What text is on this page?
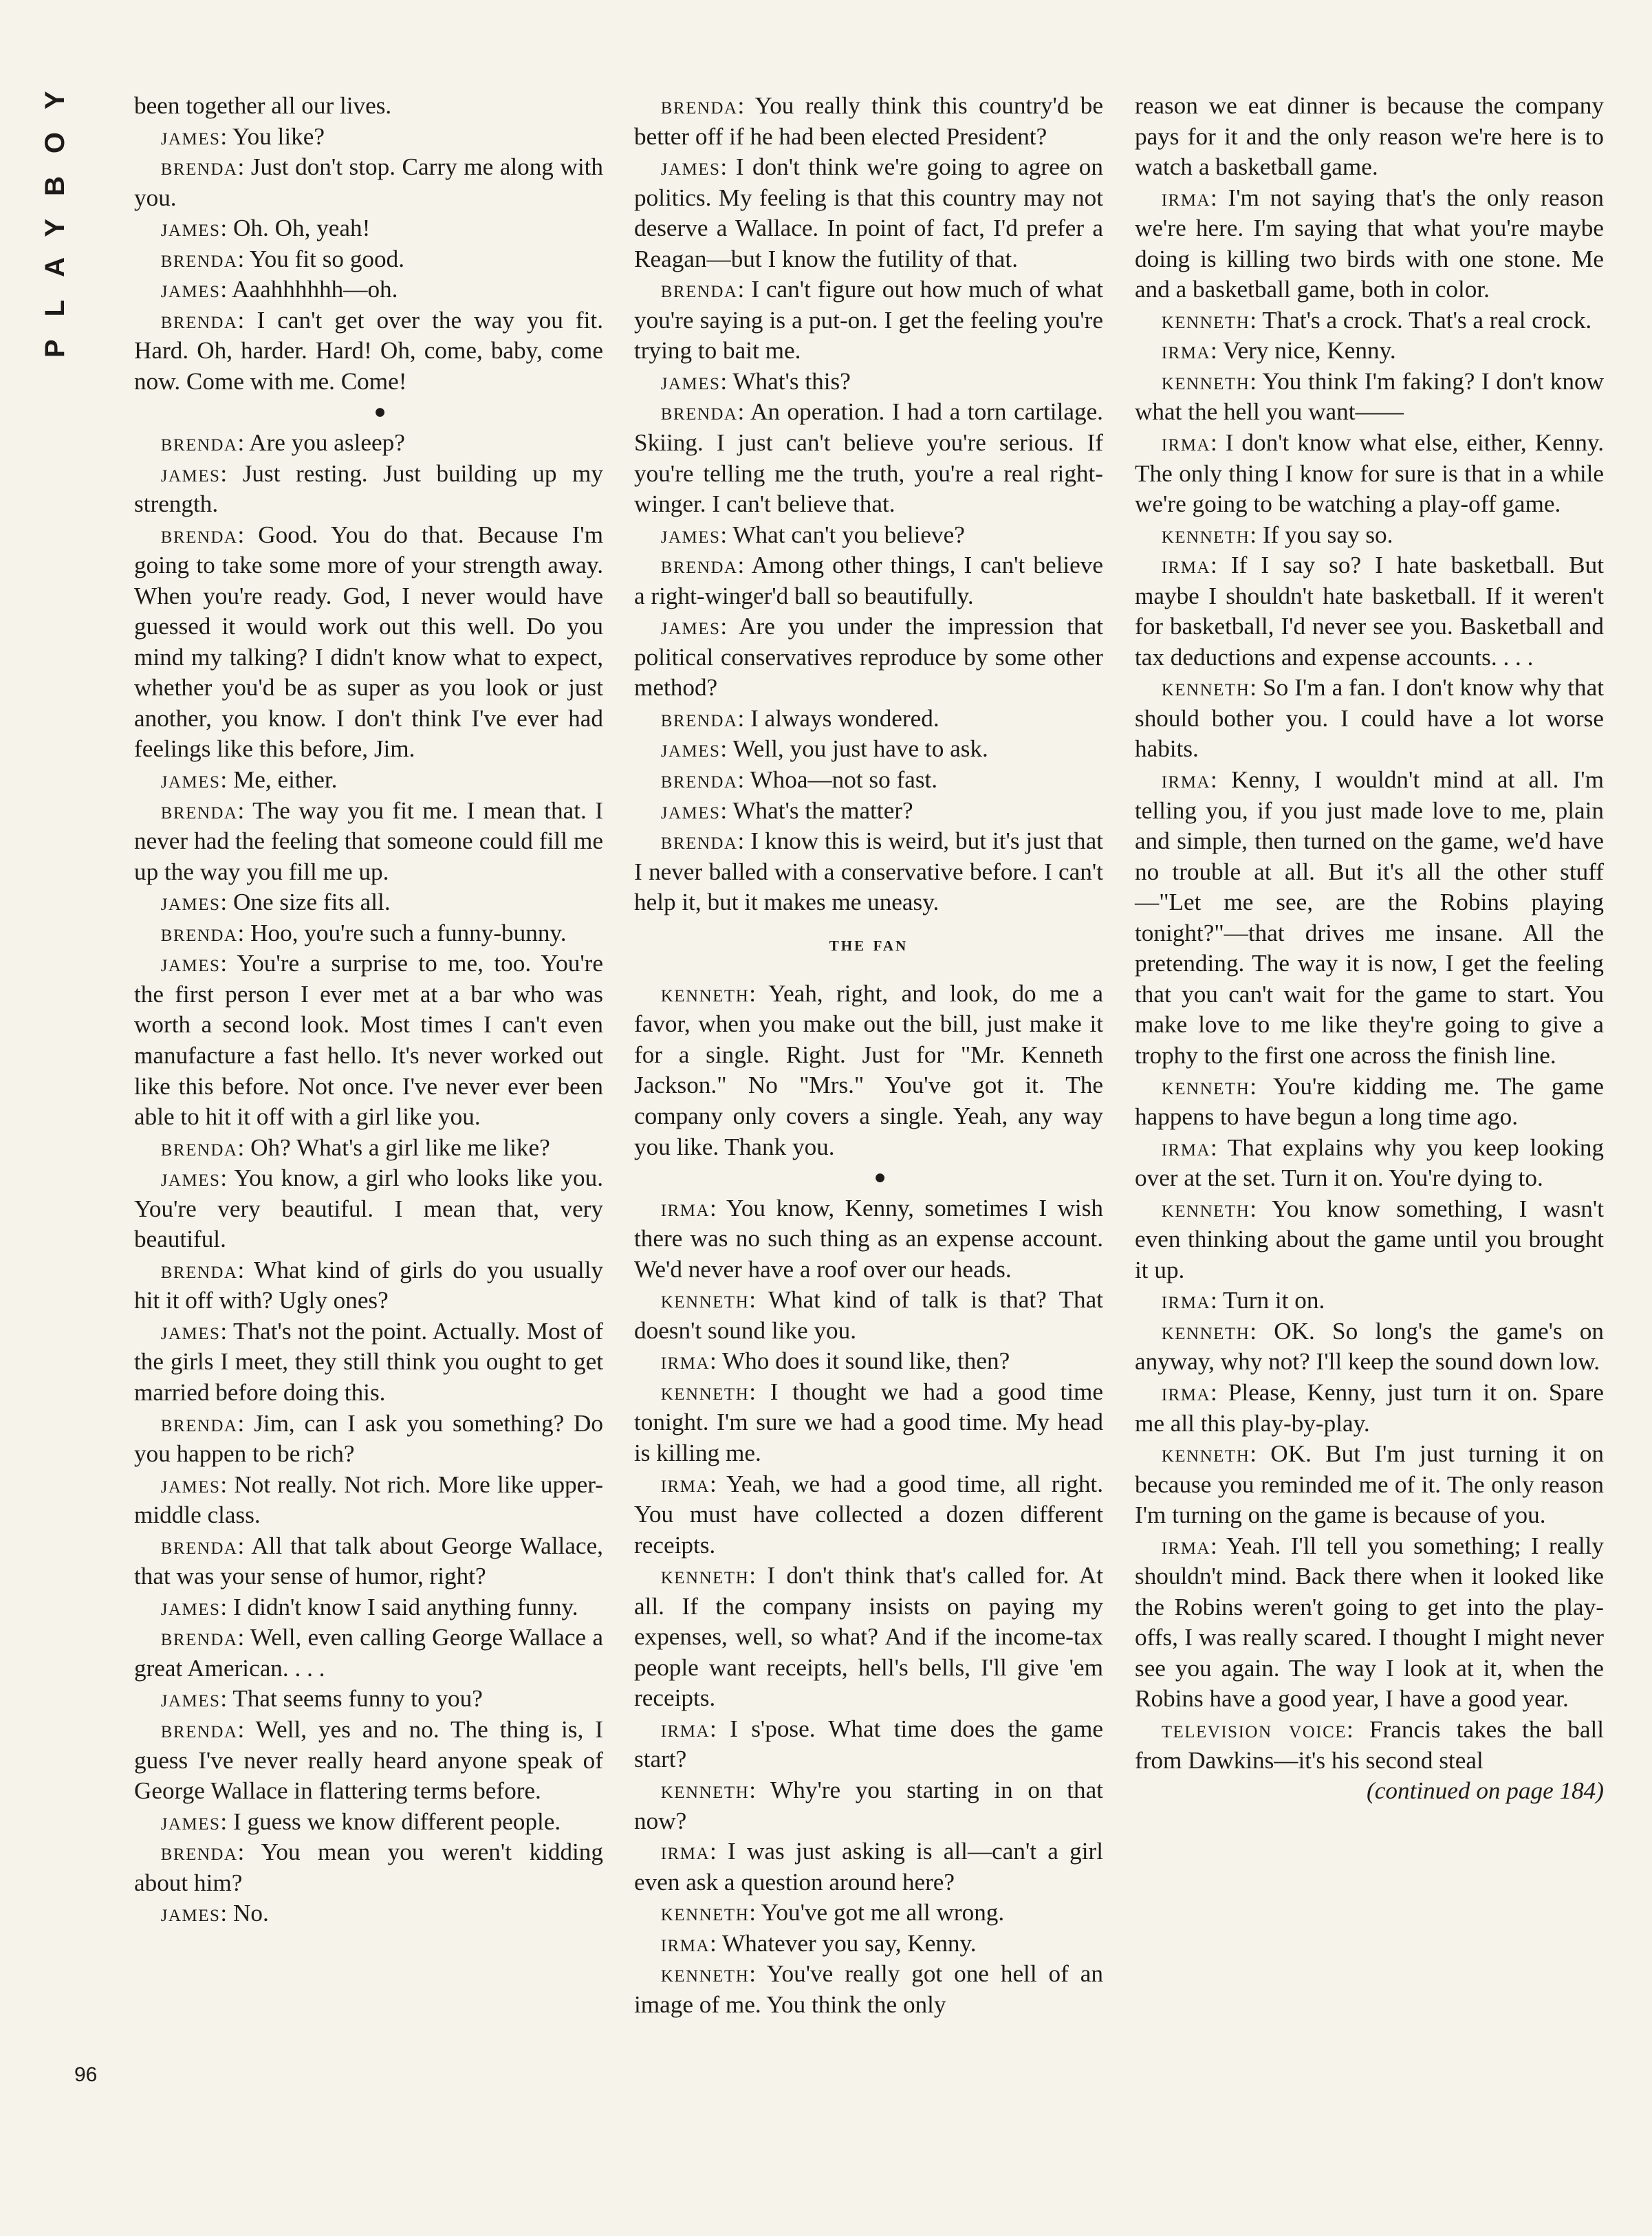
PLAYBOY	been together all our lives.

james: You like?

brenda: Just don't stop. Carry me along with you.

james: Oh. Oh, yeah!

brenda: You fit so good.

james: Aaahhhhhh—oh.

brenda: I can't get over the way you fit. Hard. Oh, harder. Hard! Oh, come, baby, come now. Come with me. Come!

●

brenda: Are you asleep?

james: Just resting. Just building up my strength.

brenda: Good. You do that. Because I'm going to take some more of your strength away. When you're ready. God, I never would have guessed it would work out this well. Do you mind my talking? I didn't know what to expect, whether you'd be as super as you look or just another, you know. I don't think I've ever had feelings like this before, Jim.

james: Me, either.

brenda: The way you fit me. I mean that. I never had the feeling that someone could fill me up the way you fill me up.

james: One size fits all.

brenda: Hoo, you're such a funny-bunny.

james: You're a surprise to me, too. You're the first person I ever met at a bar who was worth a second look. Most times I can't even manufacture a fast hello. It's never worked out like this before. Not once. I've never ever been able to hit it off with a girl like you.

brenda: Oh? What's a girl like me like?

james: You know, a girl who looks like you. You're very beautiful. I mean that, very beautiful.

brenda: What kind of girls do you usually hit it off with? Ugly ones?

james: That's not the point. Actually. Most of the girls I meet, they still think you ought to get married before doing this.

brenda: Jim, can I ask you something? Do you happen to be rich?

james: Not really. Not rich. More like upper-middle class.

brenda: All that talk about George Wallace, that was your sense of humor, right?

james: I didn't know I said anything funny.

brenda: Well, even calling George Wallace a great American. . . .

james: That seems funny to you?

brenda: Well, yes and no. The thing is, I guess I've never really heard anyone speak of George Wallace in flattering terms before.

james: I guess we know different people.

brenda: You mean you weren't kidding about him?

james: No.

brenda: You really think this country'd be better off if he had been elected President?

james: I don't think we're going to agree on politics. My feeling is that this country may not deserve a Wallace. In point of fact, I'd prefer a Reagan—but I know the futility of that.

brenda: I can't figure out how much of what you're saying is a put-on. I get the feeling you're trying to bait me.

james: What's this?

brenda: An operation. I had a torn cartilage. Skiing. I just can't believe you're serious. If you're telling me the truth, you're a real right-winger. I can't believe that.

james: What can't you believe?

brenda: Among other things, I can't believe a right-winger'd ball so beautifully.

james: Are you under the impression that political conservatives reproduce by some other method?

brenda: I always wondered.

james: Well, you just have to ask.

brenda: Whoa—not so fast.

james: What's the matter?

brenda: I know this is weird, but it's just that I never balled with a conservative before. I can't help it, but it makes me uneasy.

the fan

kenneth: Yeah, right, and look, do me a favor, when you make out the bill, just make it for a single. Right. Just for "Mr. Kenneth Jackson." No "Mrs." You've got it. The company only covers a single. Yeah, any way you like. Thank you.

●

irma: You know, Kenny, sometimes I wish there was no such thing as an expense account. We'd never have a roof over our heads.

kenneth: What kind of talk is that? That doesn't sound like you.

irma: Who does it sound like, then?

kenneth: I thought we had a good time tonight. I'm sure we had a good time. My head is killing me.

irma: Yeah, we had a good time, all right. You must have collected a dozen different receipts.

kenneth: I don't think that's called for. At all. If the company insists on paying my expenses, well, so what? And if the income-tax people want receipts, hell's bells, I'll give 'em receipts.

irma: I s'pose. What time does the game start?

kenneth: Why're you starting in on that now?

irma: I was just asking is all—can't a girl even ask a question around here?

kenneth: You've got me all wrong.

irma: Whatever you say, Kenny.

kenneth: You've really got one hell of an image of me. You think the only

reason we eat dinner is because the company pays for it and the only reason we're here is to watch a basketball game.

irma: I'm not saying that's the only reason we're here. I'm saying that what you're maybe doing is killing two birds with one stone. Me and a basketball game, both in color.

kenneth: That's a crock. That's a real crock.

irma: Very nice, Kenny.

kenneth: You think I'm faking? I don't know what the hell you want——

irma: I don't know what else, either, Kenny. The only thing I know for sure is that in a while we're going to be watching a play-off game.

kenneth: If you say so.

irma: If I say so? I hate basketball. But maybe I shouldn't hate basketball. If it weren't for basketball, I'd never see you. Basketball and tax deductions and expense accounts. . . .

kenneth: So I'm a fan. I don't know why that should bother you. I could have a lot worse habits.

irma: Kenny, I wouldn't mind at all. I'm telling you, if you just made love to me, plain and simple, then turned on the game, we'd have no trouble at all. But it's all the other stuff—"Let me see, are the Robins playing tonight?"—that drives me insane. All the pretending. The way it is now, I get the feeling that you can't wait for the game to start. You make love to me like they're going to give a trophy to the first one across the finish line.

kenneth: You're kidding me. The game happens to have begun a long time ago.

irma: That explains why you keep looking over at the set. Turn it on. You're dying to.

kenneth: You know something, I wasn't even thinking about the game until you brought it up.

irma: Turn it on.

kenneth: OK. So long's the game's on anyway, why not? I'll keep the sound down low.

irma: Please, Kenny, just turn it on. Spare me all this play-by-play.

kenneth: OK. But I'm just turning it on because you reminded me of it. The only reason I'm turning on the game is because of you.

irma: Yeah. I'll tell you something; I really shouldn't mind. Back there when it looked like the Robins weren't going to get into the play-offs, I was really scared. I thought I might never see you again. The way I look at it, when the Robins have a good year, I have a good year.

television voice: Francis takes the ball from Dawkins—it's his second steal

(continued on page 184)

96
